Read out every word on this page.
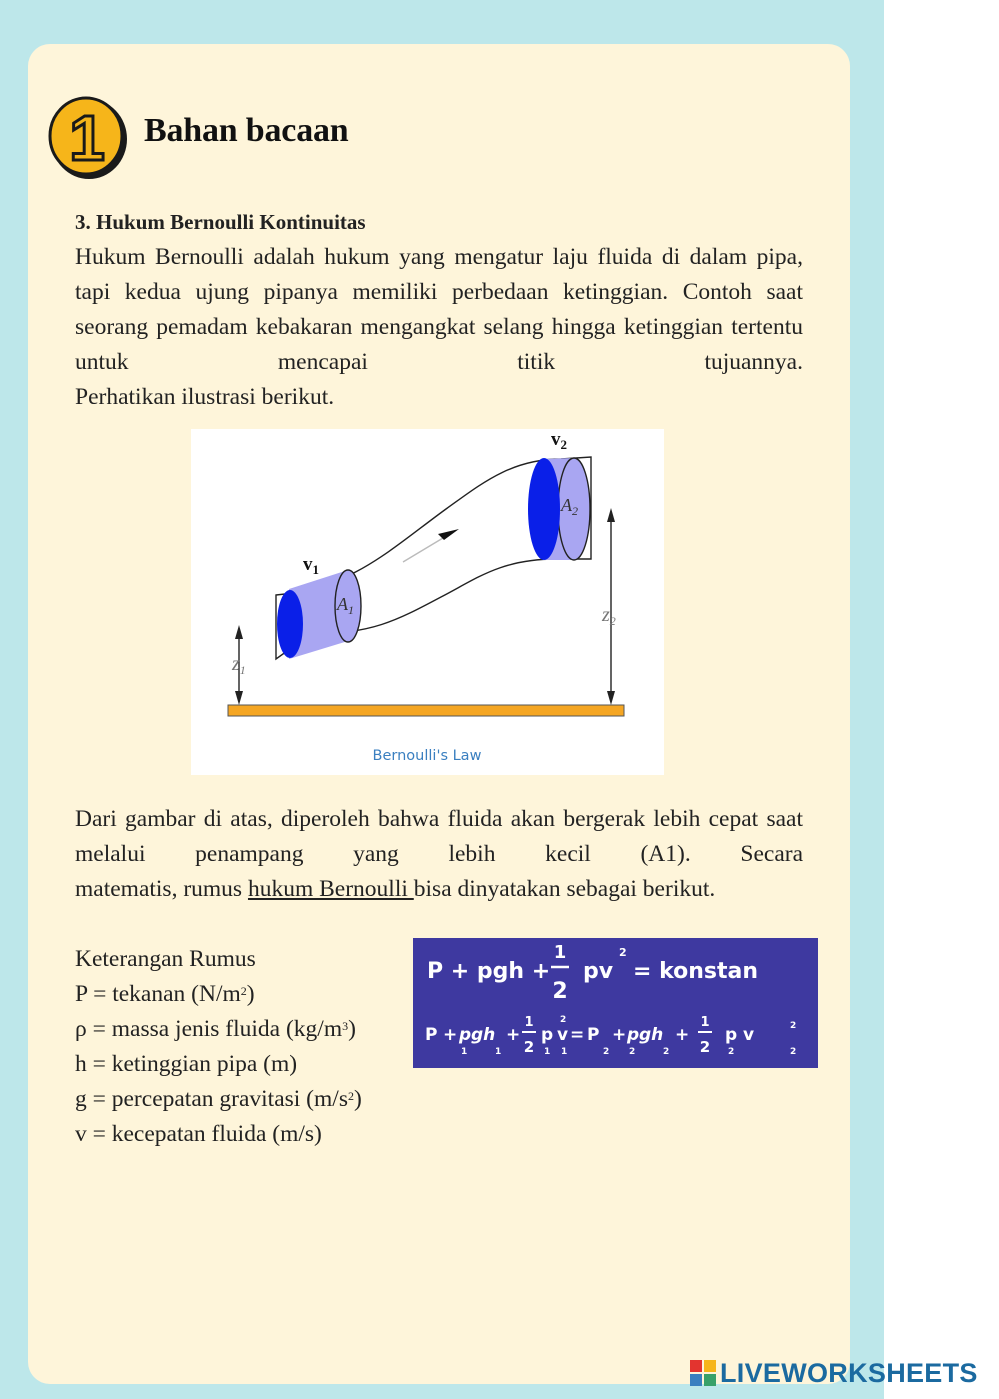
1 Bahan bacaan
3. Hukum Bernoulli Kontinuitas
Hukum Bernoulli adalah hukum yang mengatur laju fluida di dalam pipa, tapi kedua ujung pipanya memiliki perbedaan ketinggian. Contoh saat seorang pemadam kebakaran mengangkat selang hingga ketinggian tertentu untuk mencapai titik tujuannya.
Perhatikan ilustrasi berikut.
$v_1$
$v_2$
$A_1$
$A_2$
$z_1$
$z_2$
Bernoulli's Law
Dari gambar di atas, diperoleh bahwa fluida akan bergerak lebih cepat saat melalui penampang yang lebih kecil (A1). Secara
matematis, rumus hukum Bernoulli bisa dinyatakan sebagai berikut.
Keterangan Rumus
P = tekanan $(N/m^2)$
ρ = massa jenis fluida $(kg/m^3)$
h = ketinggian pipa (m)
g = percepatan gravitasi $(m/s^2)$
v = kecepatan fluida (m/s)
P + pgh +
1
2
pv
2
= konstan
P + p
1
gh
1
+
1
2
p
1
v
2
1
= P
2
+ p
2
gh
2
+
1
2
p
2
v	2
2
LIVEWORKSHEETS
